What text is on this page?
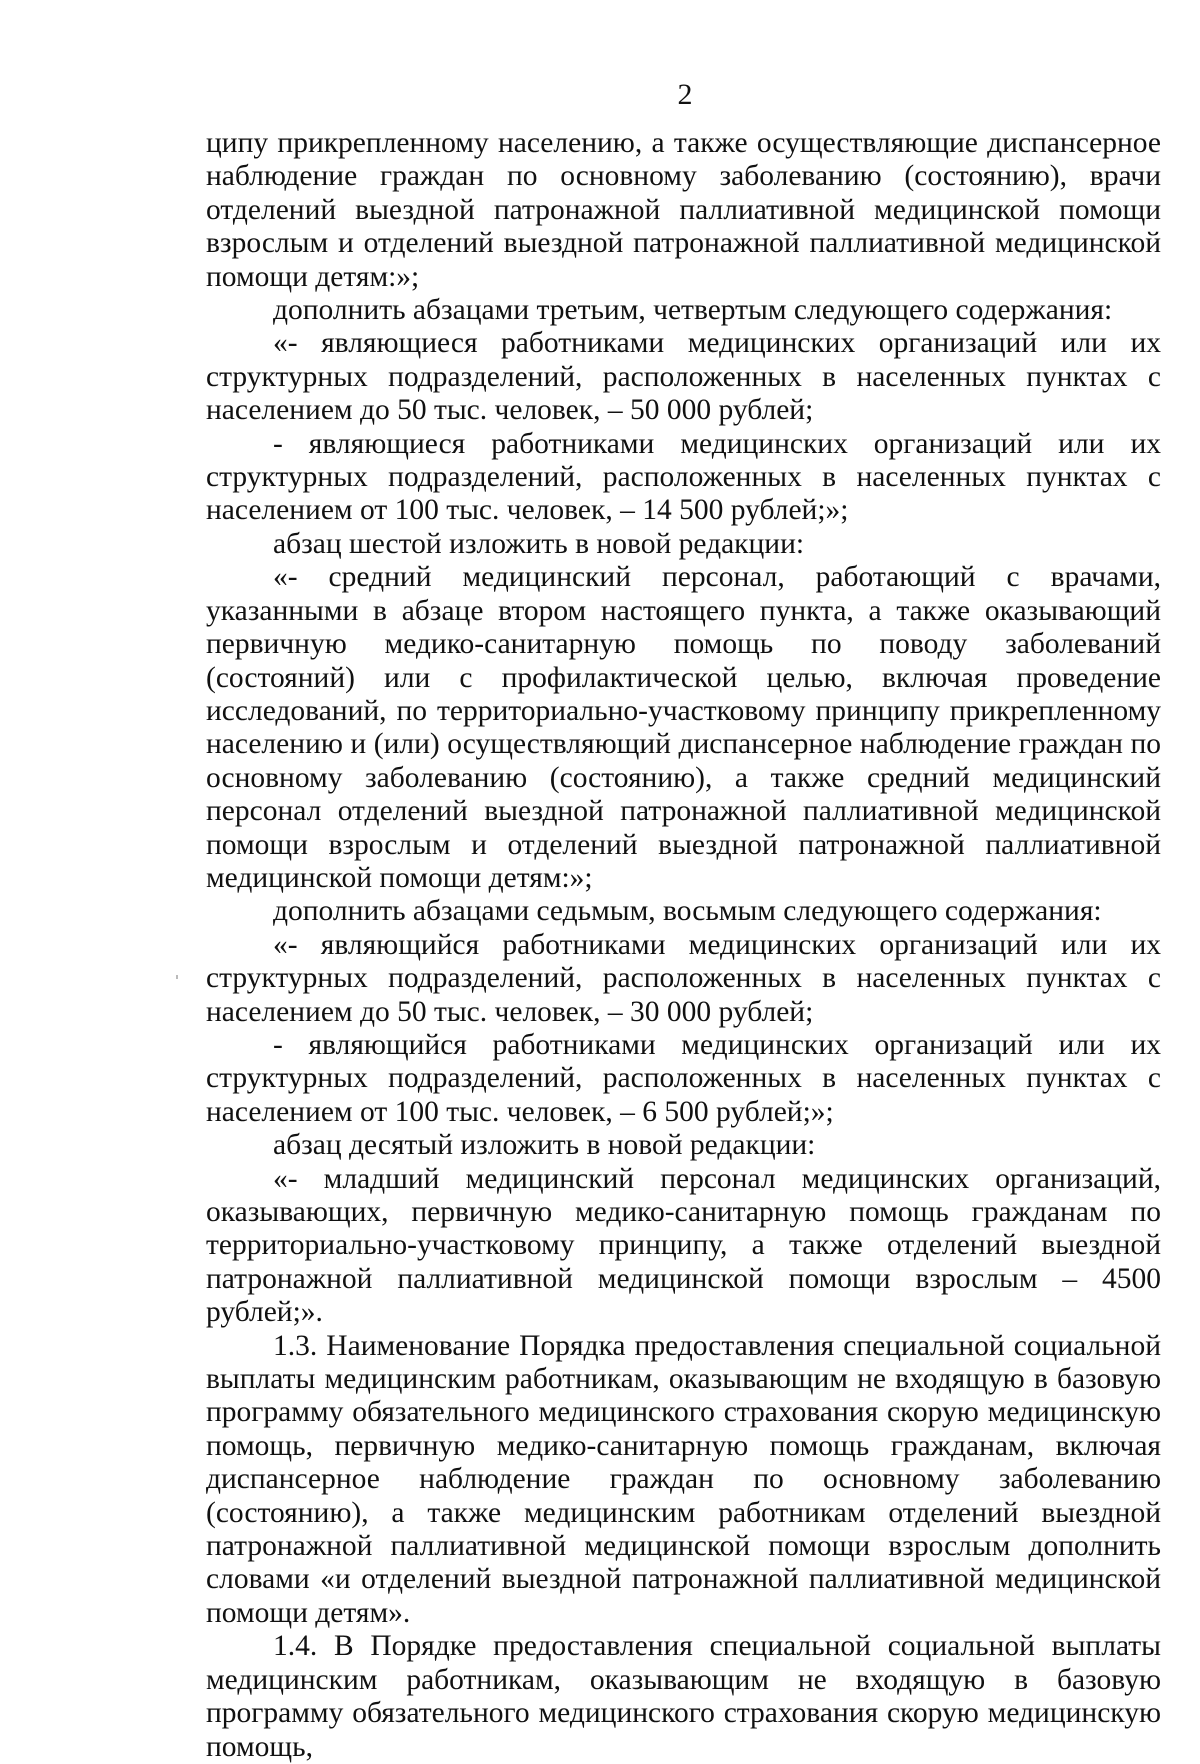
2

ципу прикрепленному населению, а также осуществляющие диспансерное наблюдение граждан по основному заболеванию (состоянию), врачи отделений выездной патронажной паллиативной медицинской помощи взрослым и отделений выездной патронажной паллиативной медицинской помощи детям:»;

дополнить абзацами третьим, четвертым следующего содержания:

«- являющиеся работниками медицинских организаций или их структурных подразделений, расположенных в населенных пунктах с населением до 50 тыс. человек, – 50 000 рублей;

- являющиеся работниками медицинских организаций или их структурных подразделений, расположенных в населенных пунктах с населением от 100 тыс. человек, – 14 500 рублей;»;

абзац шестой изложить в новой редакции:

«- средний медицинский персонал, работающий с врачами, указанными в абзаце втором настоящего пункта, а также оказывающий первичную медико-санитарную помощь по поводу заболеваний (состояний) или с профилактической целью, включая проведение исследований, по территориально-участковому принципу прикрепленному населению и (или) осуществляющий диспансерное наблюдение граждан по основному заболеванию (состоянию), а также средний медицинский персонал отделений выездной патронажной паллиативной медицинской помощи взрослым и отделений выездной патронажной паллиативной медицинской помощи детям:»;

дополнить абзацами седьмым, восьмым следующего содержания:

«- являющийся работниками медицинских организаций или их структурных подразделений, расположенных в населенных пунктах с населением до 50 тыс. человек, – 30 000 рублей;

- являющийся работниками медицинских организаций или их структурных подразделений, расположенных в населенных пунктах с населением от 100 тыс. человек, – 6 500 рублей;»;

абзац десятый изложить в новой редакции:

«- младший медицинский персонал медицинских организаций, оказывающих, первичную медико-санитарную помощь гражданам по территориально-участковому принципу, а также отделений выездной патронажной паллиативной медицинской помощи взрослым – 4500 рублей;».

1.3. Наименование Порядка предоставления специальной социальной выплаты медицинским работникам, оказывающим не входящую в базовую программу обязательного медицинского страхования скорую медицинскую помощь, первичную медико-санитарную помощь гражданам, включая диспансерное наблюдение граждан по основному заболеванию (состоянию), а также медицинским работникам отделений выездной патронажной паллиативной медицинской помощи взрослым дополнить словами «и отделений выездной патронажной паллиативной медицинской помощи детям».

1.4. В Порядке предоставления специальной социальной выплаты медицинским работникам, оказывающим не входящую в базовую программу обязательного медицинского страхования скорую медицинскую помощь,
